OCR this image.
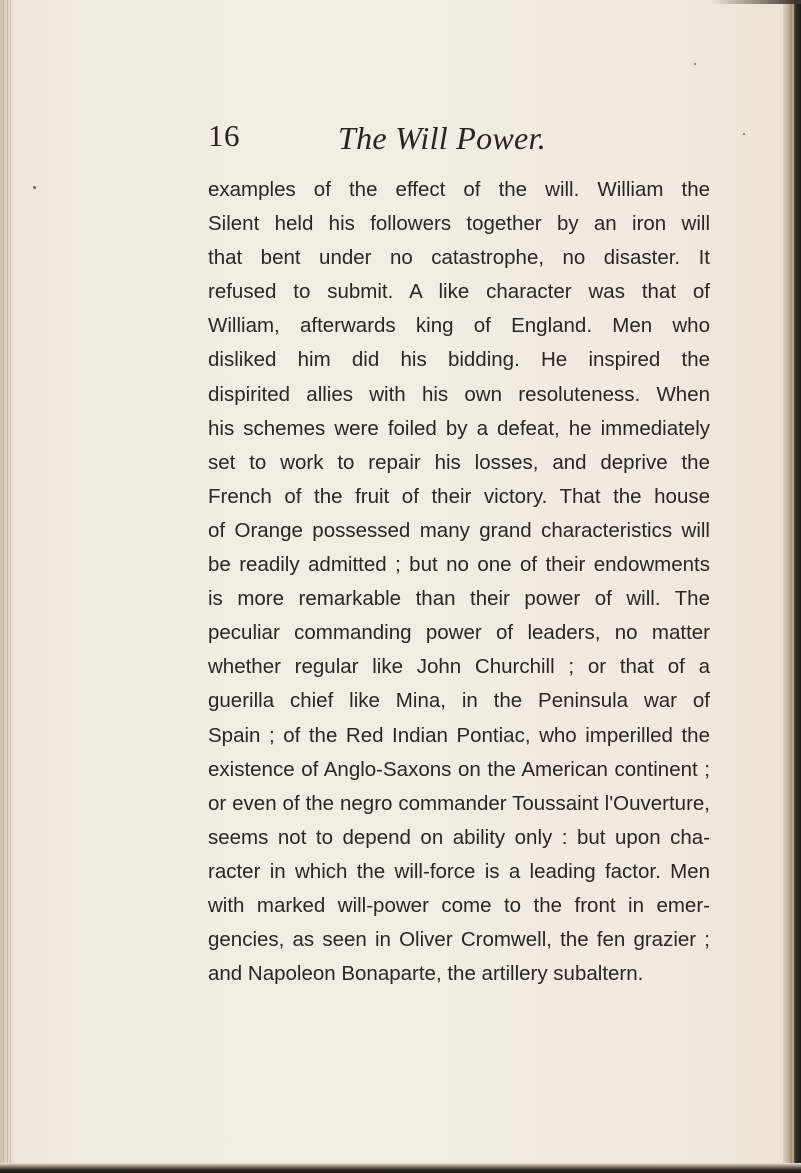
16	The Will Power.
examples of the effect of the will. William the
Silent held his followers together by an iron will
that bent under no catastrophe, no disaster. It
refused to submit. A like character was that of
William, afterwards king of England. Men who
disliked him did his bidding. He inspired the
dispirited allies with his own resoluteness. When
his schemes were foiled by a defeat, he immediately
set to work to repair his losses, and deprive the
French of the fruit of their victory. That the house
of Orange possessed many grand characteristics will
be readily admitted ; but no one of their endowments
is more remarkable than their power of will. The
peculiar commanding power of leaders, no matter
whether regular like John Churchill ; or that of a
guerilla chief like Mina, in the Peninsula war of
Spain ; of the Red Indian Pontiac, who imperilled the
existence of Anglo-Saxons on the American continent ;
or even of the negro commander Toussaint l'Ouverture,
seems not to depend on ability only : but upon cha-
racter in which the will-force is a leading factor. Men
with marked will-power come to the front in emer-
gencies, as seen in Oliver Cromwell, the fen grazier ;
and Napoleon Bonaparte, the artillery subaltern.
